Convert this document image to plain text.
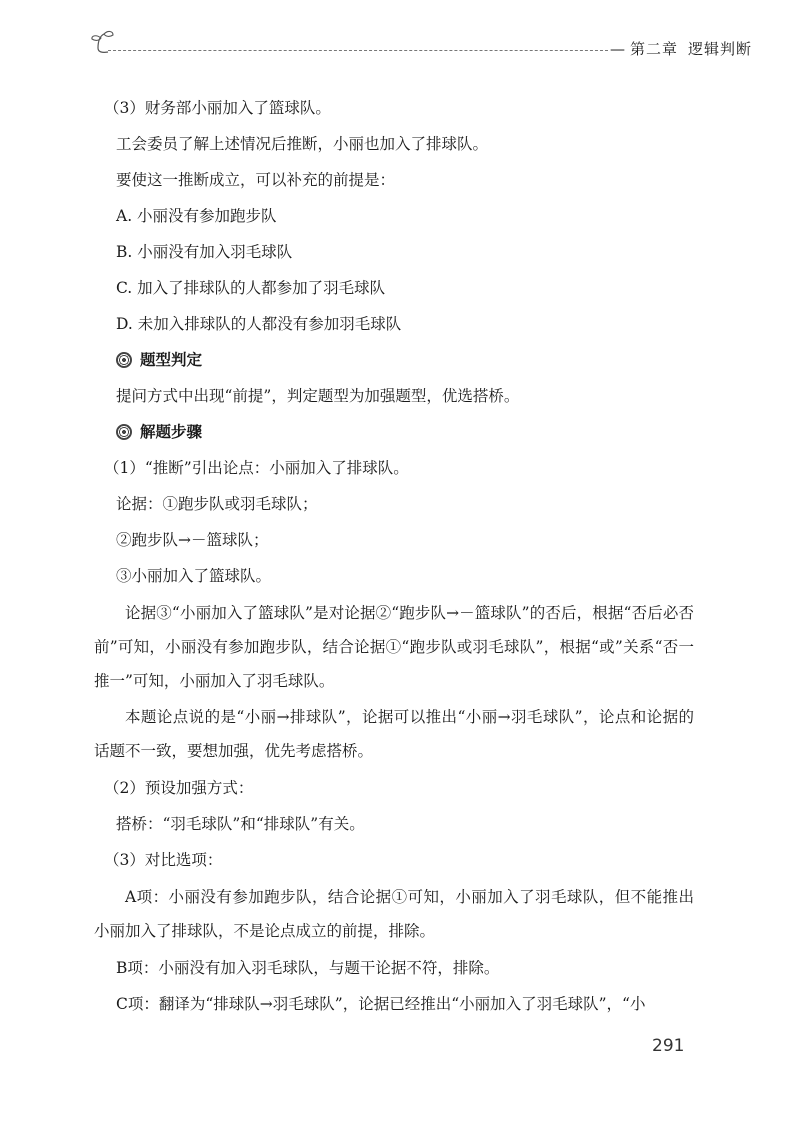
— 第二章 逻辑判断
（3）财务部小丽加入了篮球队。
工会委员了解上述情况后推断，小丽也加入了排球队。
要使这一推断成立，可以补充的前提是：
A. 小丽没有参加跑步队
B. 小丽没有加入羽毛球队
C. 加入了排球队的人都参加了羽毛球队
D. 未加入排球队的人都没有参加羽毛球队
题型判定
提问方式中出现“前提”，判定题型为加强题型，优选搭桥。
解题步骤
（1）“推断”引出论点：小丽加入了排球队。
论据：①跑步队或羽毛球队；
②跑步队→－篮球队；
③小丽加入了篮球队。

论据③“小丽加入了篮球队”是对论据②“跑步队→－篮球队”的否后，根据“否后必否前”可知，小丽没有参加跑步队，结合论据①“跑步队或羽毛球队”，根据“或”关系“否一推一”可知，小丽加入了羽毛球队。

本题论点说的是“小丽→排球队”，论据可以推出“小丽→羽毛球队”，论点和论据的话题不一致，要想加强，优先考虑搭桥。

（2）预设加强方式：
搭桥：“羽毛球队”和“排球队”有关。
（3）对比选项：

A项：小丽没有参加跑步队，结合论据①可知，小丽加入了羽毛球队，但不能推出小丽加入了排球队，不是论点成立的前提，排除。

B项：小丽没有加入羽毛球队，与题干论据不符，排除。
C项：翻译为“排球队→羽毛球队”，论据已经推出“小丽加入了羽毛球队”，“小
291
